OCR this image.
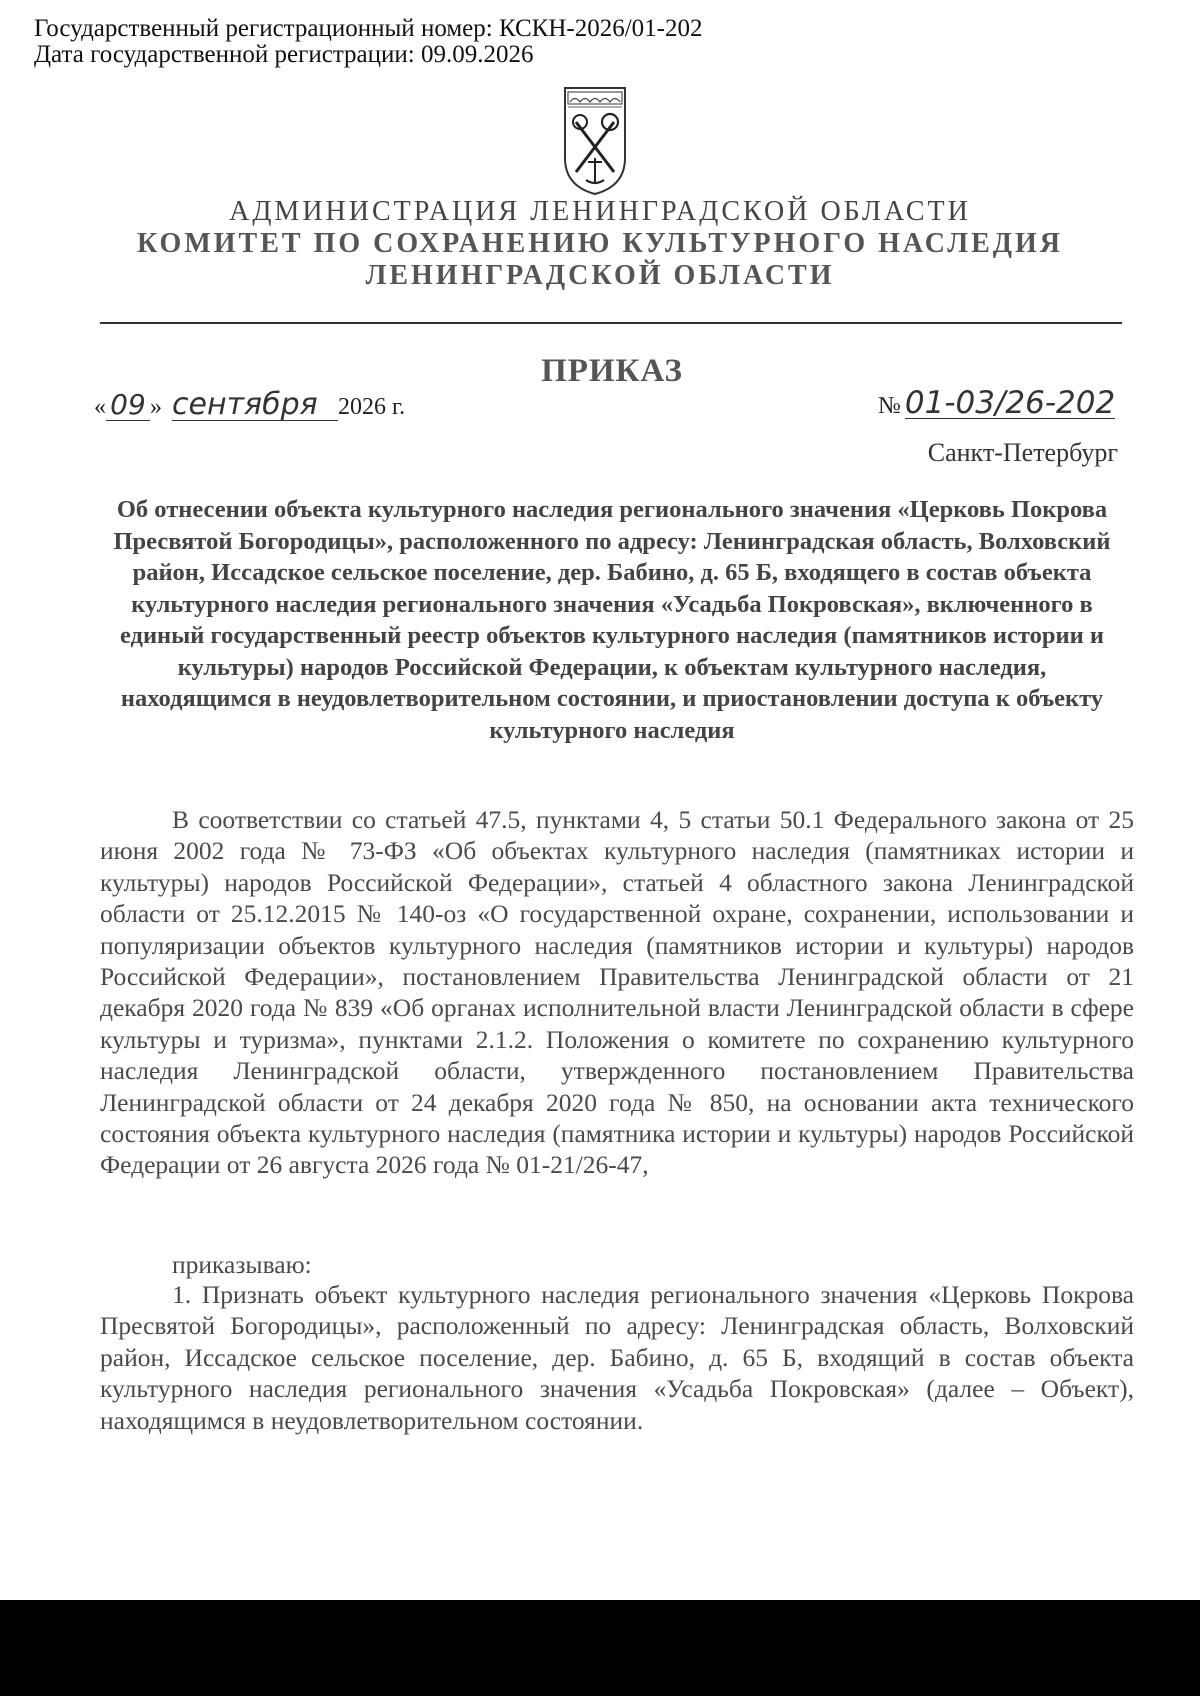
Государственный регистрационный номер: КСКН-2026/01-202
Дата государственной регистрации: 09.09.2026
АДМИНИСТРАЦИЯ ЛЕНИНГРАДСКОЙ ОБЛАСТИ
КОМИТЕТ ПО СОХРАНЕНИЮ КУЛЬТУРНОГО НАСЛЕДИЯ
ЛЕНИНГРАДСКОЙ ОБЛАСТИ
ПРИКАЗ
« 09 » сентября 2026 г.	№ 01-03/26-202
Санкт-Петербург
Об отнесении объекта культурного наследия регионального значения «Церковь Покрова Пресвятой Богородицы», расположенного по адресу: Ленинградская область, Волховский район, Иссадское сельское поселение, дер. Бабино, д. 65 Б, входящего в состав объекта культурного наследия регионального значения «Усадьба Покровская», включенного в единый государственный реестр объектов культурного наследия (памятников истории и культуры) народов Российской Федерации, к объектам культурного наследия, находящимся в неудовлетворительном состоянии, и приостановлении доступа к объекту культурного наследия
В соответствии со статьей 47.5, пунктами 4, 5 статьи 50.1 Федерального закона от 25 июня 2002 года № 73-ФЗ «Об объектах культурного наследия (памятниках истории и культуры) народов Российской Федерации», статьей 4 областного закона Ленинградской области от 25.12.2015 № 140-оз «О государственной охране, сохранении, использовании и популяризации объектов культурного наследия (памятников истории и культуры) народов Российской Федерации», постановлением Правительства Ленинградской области от 21 декабря 2020 года № 839 «Об органах исполнительной власти Ленинградской области в сфере культуры и туризма», пунктами 2.1.2. Положения о комитете по сохранению культурного наследия Ленинградской области, утвержденного постановлением Правительства Ленинградской области от 24 декабря 2020 года № 850, на основании акта технического состояния объекта культурного наследия (памятника истории и культуры) народов Российской Федерации от 26 августа 2026 года № 01-21/26-47,
приказываю:
1. Признать объект культурного наследия регионального значения «Церковь Покрова Пресвятой Богородицы», расположенный по адресу: Ленинградская область, Волховский район, Иссадское сельское поселение, дер. Бабино, д. 65 Б, входящий в состав объекта культурного наследия регионального значения «Усадьба Покровская» (далее – Объект), находящимся в неудовлетворительном состоянии.
